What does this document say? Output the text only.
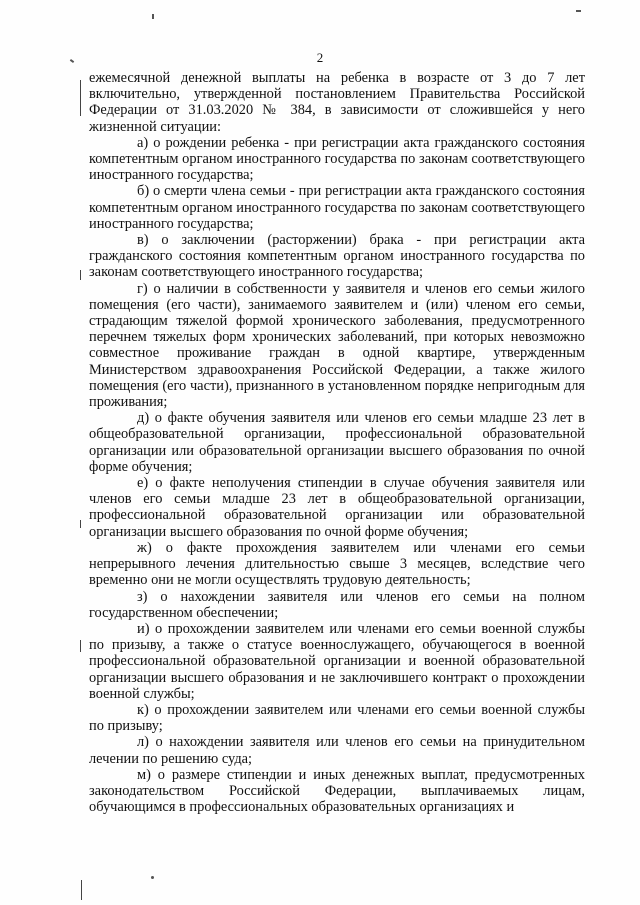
2

ежемесячной денежной выплаты на ребенка в возрасте от 3 до 7 лет включительно, утвержденной постановлением Правительства Российской Федерации от 31.03.2020 № 384, в зависимости от сложившейся у него жизненной ситуации:

а) о рождении ребенка - при регистрации акта гражданского состояния компетентным органом иностранного государства по законам соответствующего иностранного государства;

б) о смерти члена семьи - при регистрации акта гражданского состояния компетентным органом иностранного государства по законам соответствующего иностранного государства;

в) о заключении (расторжении) брака - при регистрации акта гражданского состояния компетентным органом иностранного государства по законам соответствующего иностранного государства;

г) о наличии в собственности у заявителя и членов его семьи жилого помещения (его части), занимаемого заявителем и (или) членом его семьи, страдающим тяжелой формой хронического заболевания, предусмотренного перечнем тяжелых форм хронических заболеваний, при которых невозможно совместное проживание граждан в одной квартире, утвержденным Министерством здравоохранения Российской Федерации, а также жилого помещения (его части), признанного в установленном порядке непригодным для проживания;

д) о факте обучения заявителя или членов его семьи младше 23 лет в общеобразовательной организации, профессиональной образовательной организации или образовательной организации высшего образования по очной форме обучения;

е) о факте неполучения стипендии в случае обучения заявителя или членов его семьи младше 23 лет в общеобразовательной организации, профессиональной образовательной организации или образовательной организации высшего образования по очной форме обучения;

ж) о факте прохождения заявителем или членами его семьи непрерывного лечения длительностью свыше 3 месяцев, вследствие чего временно они не могли осуществлять трудовую деятельность;

з) о нахождении заявителя или членов его семьи на полном государственном обеспечении;

и) о прохождении заявителем или членами его семьи военной службы по призыву, а также о статусе военнослужащего, обучающегося в военной профессиональной образовательной организации и военной образовательной организации высшего образования и не заключившего контракт о прохождении военной службы;

к) о прохождении заявителем или членами его семьи военной службы по призыву;

л) о нахождении заявителя или членов его семьи на принудительном лечении по решению суда;

м) о размере стипендии и иных денежных выплат, предусмотренных законодательством Российской Федерации, выплачиваемых лицам, обучающимся в профессиональных образовательных организациях и
